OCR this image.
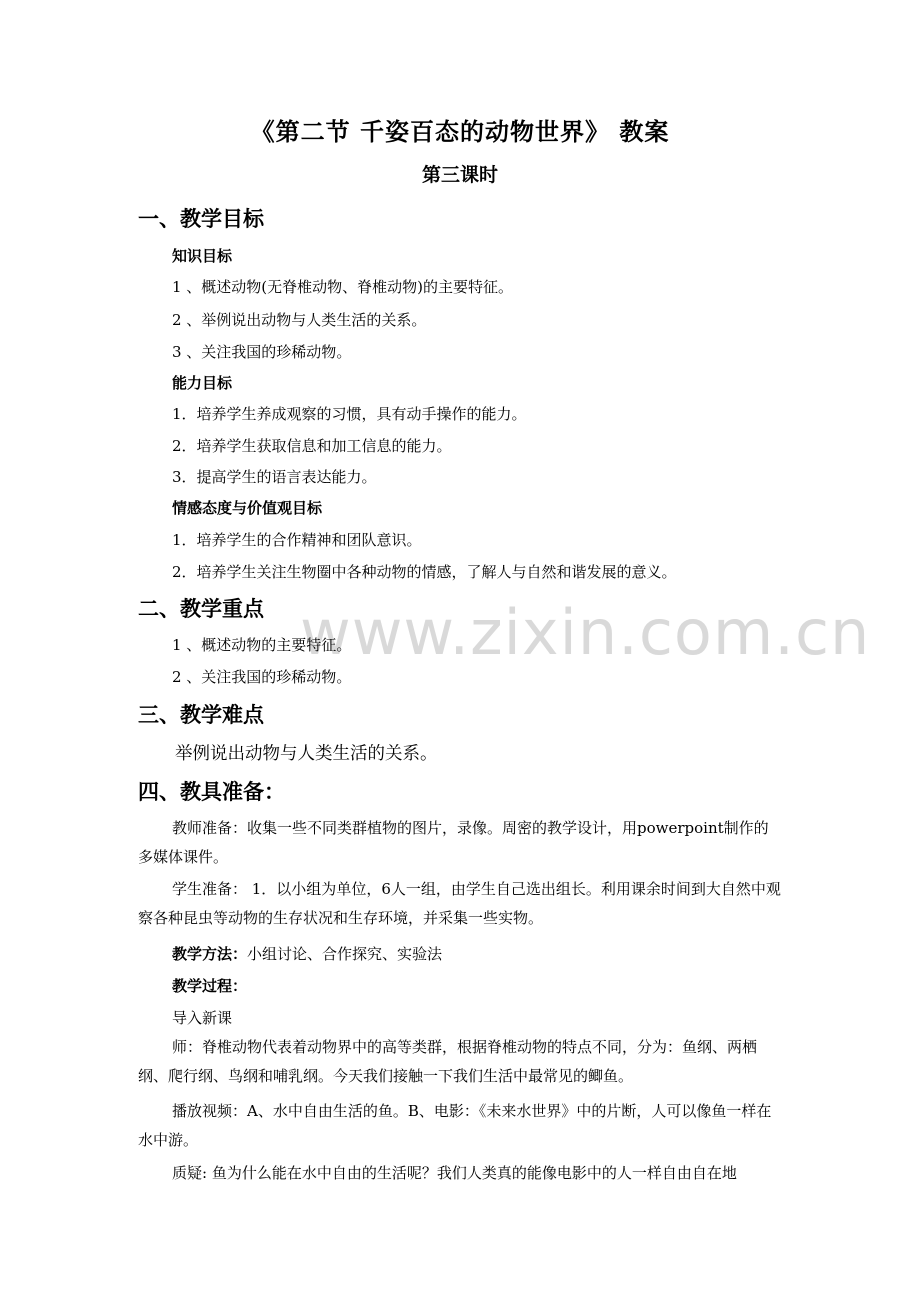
www.zixin.com.cn
《第二节 千姿百态的动物世界》 教案
第三课时
一、教学目标
知识目标
1 、概述动物(无脊椎动物、脊椎动物)的主要特征。
2 、举例说出动物与人类生活的关系。
3 、关注我国的珍稀动物。
能力目标
1．培养学生养成观察的习惯，具有动手操作的能力。
2．培养学生获取信息和加工信息的能力。
3．提高学生的语言表达能力。
情感态度与价值观目标
1．培养学生的合作精神和团队意识。
2．培养学生关注生物圈中各种动物的情感，了解人与自然和谐发展的意义。
二、教学重点
1 、概述动物的主要特征。
2 、关注我国的珍稀动物。
三、教学难点
举例说出动物与人类生活的关系。
四、教具准备：
教师准备：收集一些不同类群植物的图片，录像。周密的教学设计，用powerpoint制作的多媒体课件。
学生准备： 1．以小组为单位，6人一组，由学生自己选出组长。利用课余时间到大自然中观察各种昆虫等动物的生存状况和生存环境，并采集一些实物。
教学方法：小组讨论、合作探究、实验法
教学过程：
导入新课
师：脊椎动物代表着动物界中的高等类群，根据脊椎动物的特点不同，分为：鱼纲、两栖纲、爬行纲、鸟纲和哺乳纲。今天我们接触一下我们生活中最常见的鲫鱼。
播放视频：A、水中自由生活的鱼。B、电影：《未来水世界》中的片断，人可以像鱼一样在水中游。
质疑: 鱼为什么能在水中自由的生活呢？我们人类真的能像电影中的人一样自由自在地
